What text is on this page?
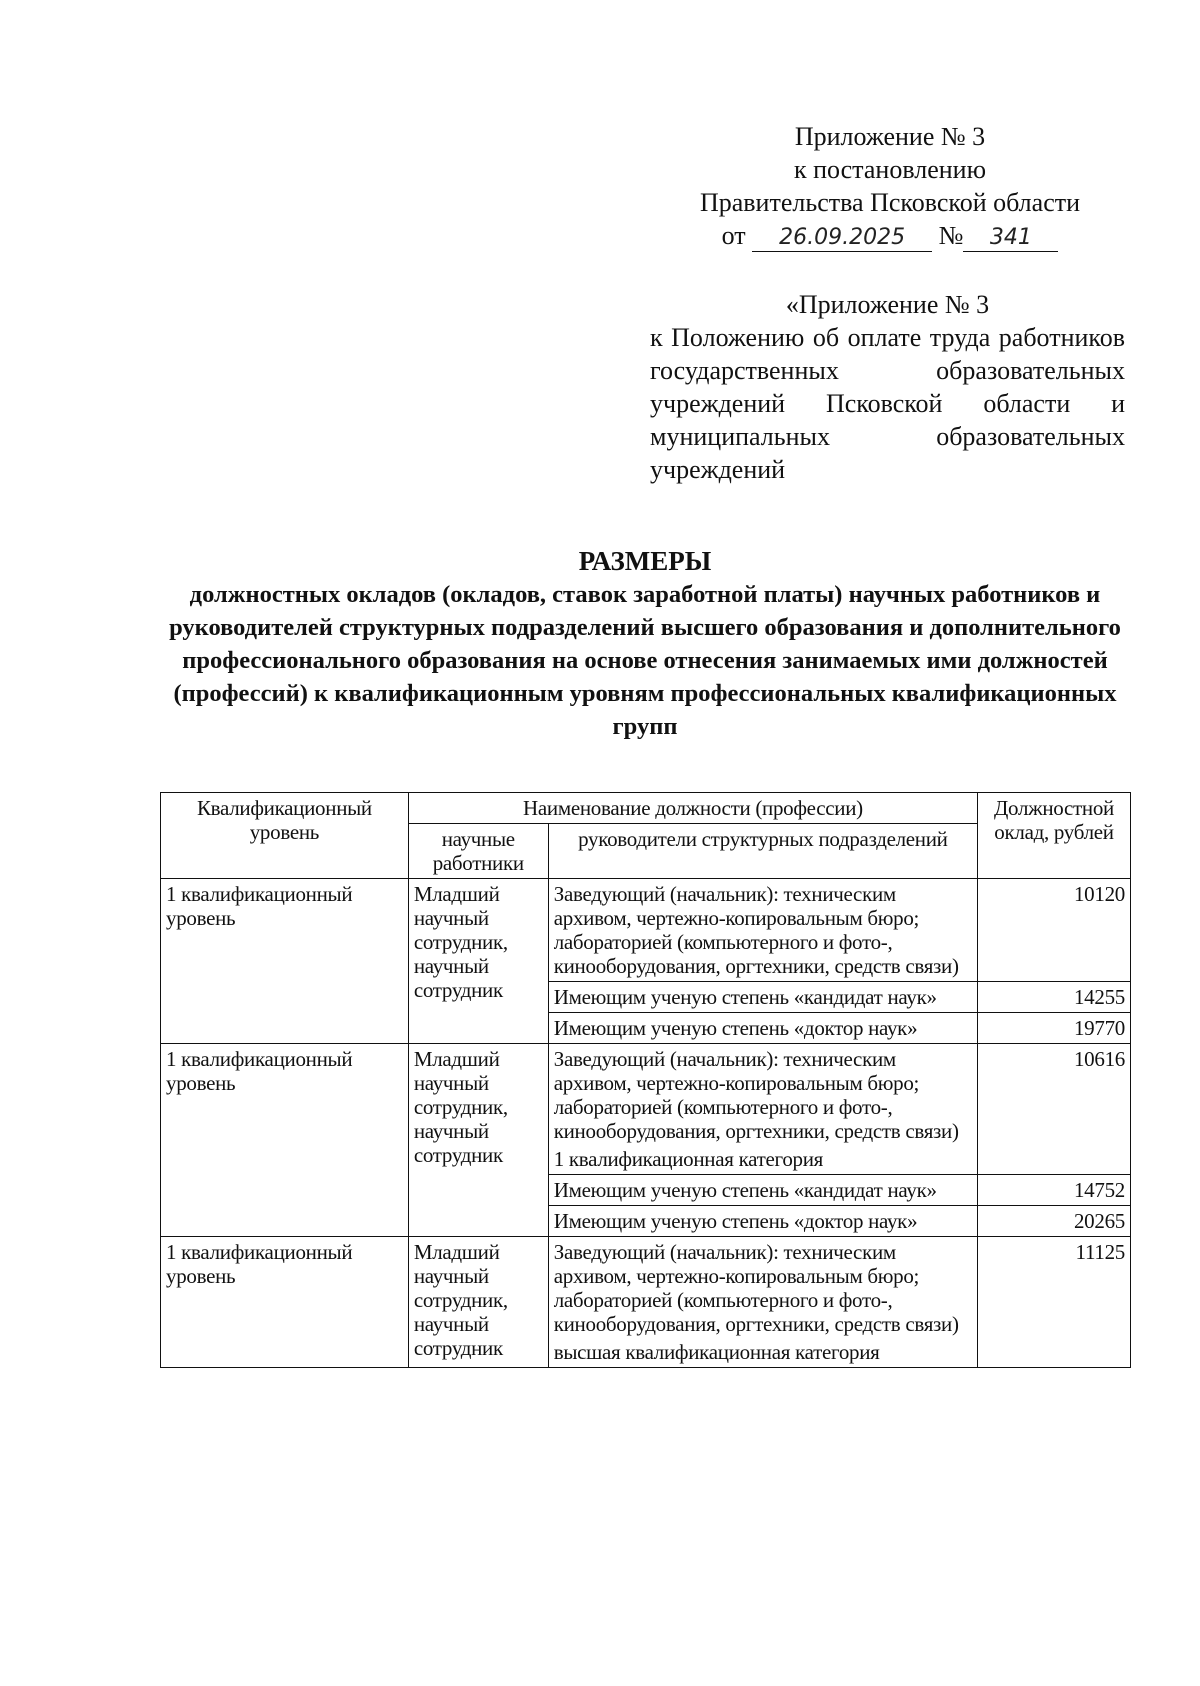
Приложение № 3
к постановлению
Правительства Псковской области
от 26.09.2025 № 341
«Приложение № 3
к Положению об оплате труда работников государственных образовательных учреждений Псковской области и муниципальных образовательных учреждений
РАЗМЕРЫ
должностных окладов (окладов, ставок заработной платы) научных работников и руководителей структурных подразделений высшего образования и дополнительного профессионального образования на основе отнесения занимаемых ими должностей (профессий) к квалификационным уровням профессиональных квалификационных групп
Квалификационный уровень	Наименование должности (профессии)		Должностной оклад, рублей
	научные работники	руководители структурных подразделений	
1 квалификационный уровень	Младший научный сотрудник, научный сотрудник	Заведующий (начальник): техническим архивом, чертежно-копировальным бюро; лабораторией (компьютерного и фото-, кинооборудования, оргтехники, средств связи)	10120

		Имеющим ученую степень «кандидат наук»	14255

		Имеющим ученую степень «доктор наук»	19770
1 квалификационный уровень	Младший научный сотрудник, научный сотрудник	Заведующий (начальник): техническим архивом, чертежно-копировальным бюро; лабораторией (компьютерного и фото-, кинооборудования, оргтехники, средств связи)
1 квалификационная категория	10616

		Имеющим ученую степень «кандидат наук»	14752

		Имеющим ученую степень «доктор наук»	20265
1 квалификационный уровень	Младший научный сотрудник, научный сотрудник	Заведующий (начальник): техническим архивом, чертежно-копировальным бюро; лабораторией (компьютерного и фото-, кинооборудования, оргтехники, средств связи)
высшая квалификационная категория	11125
